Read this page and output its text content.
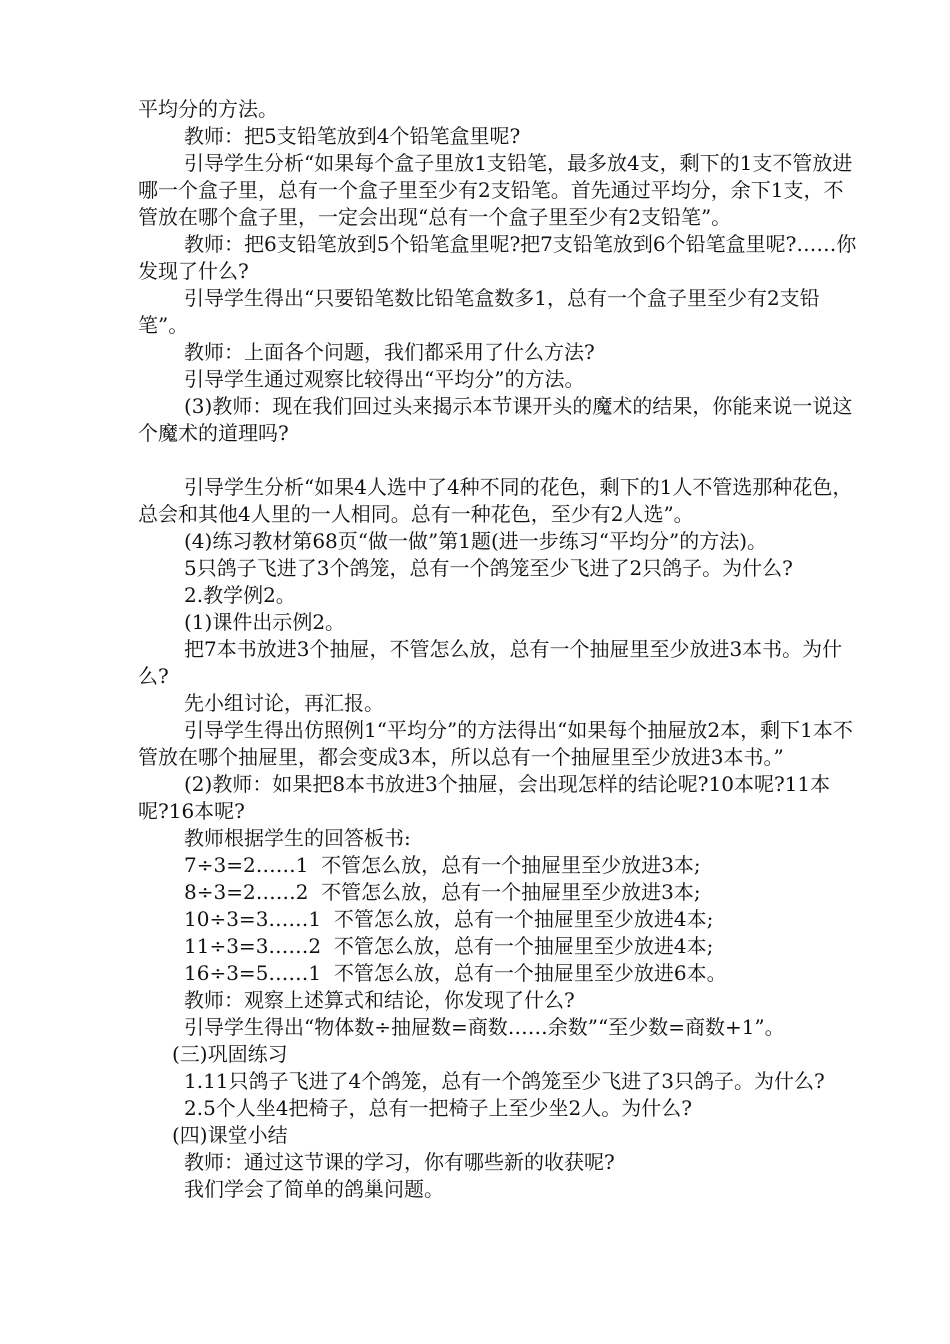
平均分的方法。

教师：把5支铅笔放到4个铅笔盒里呢?

引导学生分析“如果每个盒子里放1支铅笔，最多放4支，剩下的1支不管放进哪一个盒子里，总有一个盒子里至少有2支铅笔。首先通过平均分，余下1支，不管放在哪个盒子里，一定会出现“总有一个盒子里至少有2支铅笔”。

教师：把6支铅笔放到5个铅笔盒里呢?把7支铅笔放到6个铅笔盒里呢?……你发现了什么?

引导学生得出“只要铅笔数比铅笔盒数多1，总有一个盒子里至少有2支铅笔”。

教师：上面各个问题，我们都采用了什么方法?

引导学生通过观察比较得出“平均分”的方法。

(3)教师：现在我们回过头来揭示本节课开头的魔术的结果，你能来说一说这个魔术的道理吗?

引导学生分析“如果4人选中了4种不同的花色，剩下的1人不管选那种花色，总会和其他4人里的一人相同。总有一种花色，至少有2人选”。

(4)练习教材第68页“做一做”第1题(进一步练习“平均分”的方法)。

5只鸽子飞进了3个鸽笼，总有一个鸽笼至少飞进了2只鸽子。为什么?

2.教学例2。

(1)课件出示例2。

把7本书放进3个抽屉，不管怎么放，总有一个抽屉里至少放进3本书。为什么?

先小组讨论，再汇报。

引导学生得出仿照例1“平均分”的方法得出“如果每个抽屉放2本，剩下1本不管放在哪个抽屉里，都会变成3本，所以总有一个抽屉里至少放进3本书。”

(2)教师：如果把8本书放进3个抽屉，会出现怎样的结论呢?10本呢?11本呢?16本呢?

教师根据学生的回答板书:

7÷3=2……1  不管怎么放，总有一个抽屉里至少放进3本;

8÷3=2……2  不管怎么放，总有一个抽屉里至少放进3本;

10÷3=3……1  不管怎么放，总有一个抽屉里至少放进4本;

11÷3=3……2  不管怎么放，总有一个抽屉里至少放进4本;

16÷3=5……1  不管怎么放，总有一个抽屉里至少放进6本。

教师：观察上述算式和结论，你发现了什么?

引导学生得出“物体数÷抽屉数=商数……余数”“至少数=商数+1”。

(三)巩固练习

1.11只鸽子飞进了4个鸽笼，总有一个鸽笼至少飞进了3只鸽子。为什么?

2.5个人坐4把椅子，总有一把椅子上至少坐2人。为什么?

(四)课堂小结

教师：通过这节课的学习，你有哪些新的收获呢?

我们学会了简单的鸽巢问题。
